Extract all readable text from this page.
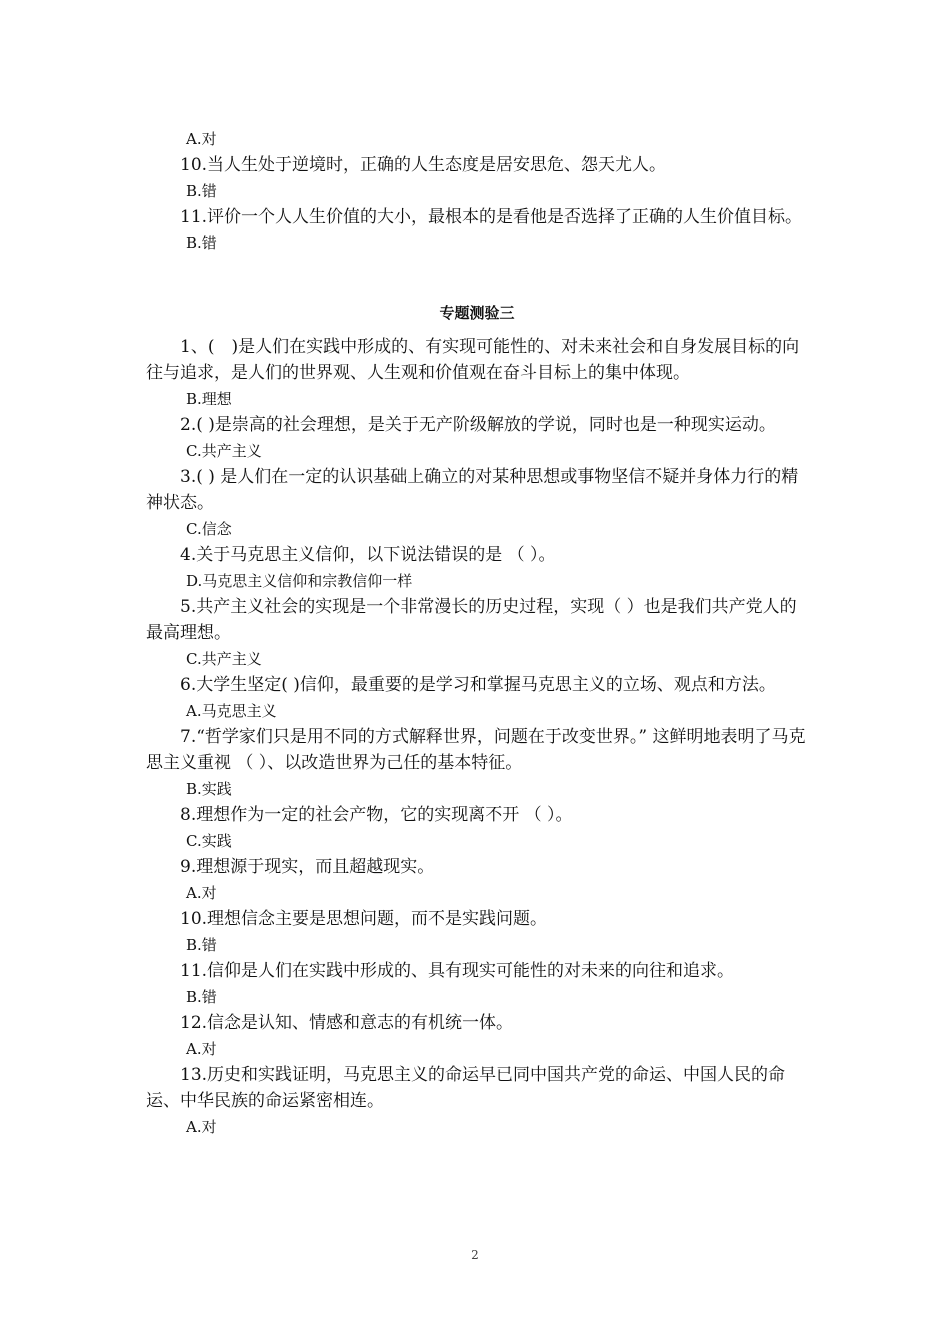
A.对

10.当人生处于逆境时，正确的人生态度是居安思危、怨天尤人。

B.错

11.评价一个人人生价值的大小，最根本的是看他是否选择了正确的人生价值目标。

B.错

专题测验三

1、(　)是人们在实践中形成的、有实现可能性的、对未来社会和自身发展目标的向往与追求，是人们的世界观、人生观和价值观在奋斗目标上的集中体现。

B.理想

2.( )是崇高的社会理想，是关于无产阶级解放的学说，同时也是一种现实运动。

C.共产主义

3.( ) 是人们在一定的认识基础上确立的对某种思想或事物坚信不疑并身体力行的精神状态。

C.信念

4.关于马克思主义信仰，以下说法错误的是 （ ）。

D.马克思主义信仰和宗教信仰一样

5.共产主义社会的实现是一个非常漫长的历史过程，实现（ ）也是我们共产党人的最高理想。

C.共产主义

6.大学生坚定( )信仰，最重要的是学习和掌握马克思主义的立场、观点和方法。

A.马克思主义

7.“哲学家们只是用不同的方式解释世界，问题在于改变世界。” 这鲜明地表明了马克思主义重视 （ ）、以改造世界为己任的基本特征。

B.实践

8.理想作为一定的社会产物，它的实现离不开 （ ）。

C.实践

9.理想源于现实，而且超越现实。

A.对

10.理想信念主要是思想问题，而不是实践问题。

B.错

11.信仰是人们在实践中形成的、具有现实可能性的对未来的向往和追求。

B.错

12.信念是认知、情感和意志的有机统一体。

A.对

13.历史和实践证明，马克思主义的命运早已同中国共产党的命运、中国人民的命运、中华民族的命运紧密相连。

A.对

2
